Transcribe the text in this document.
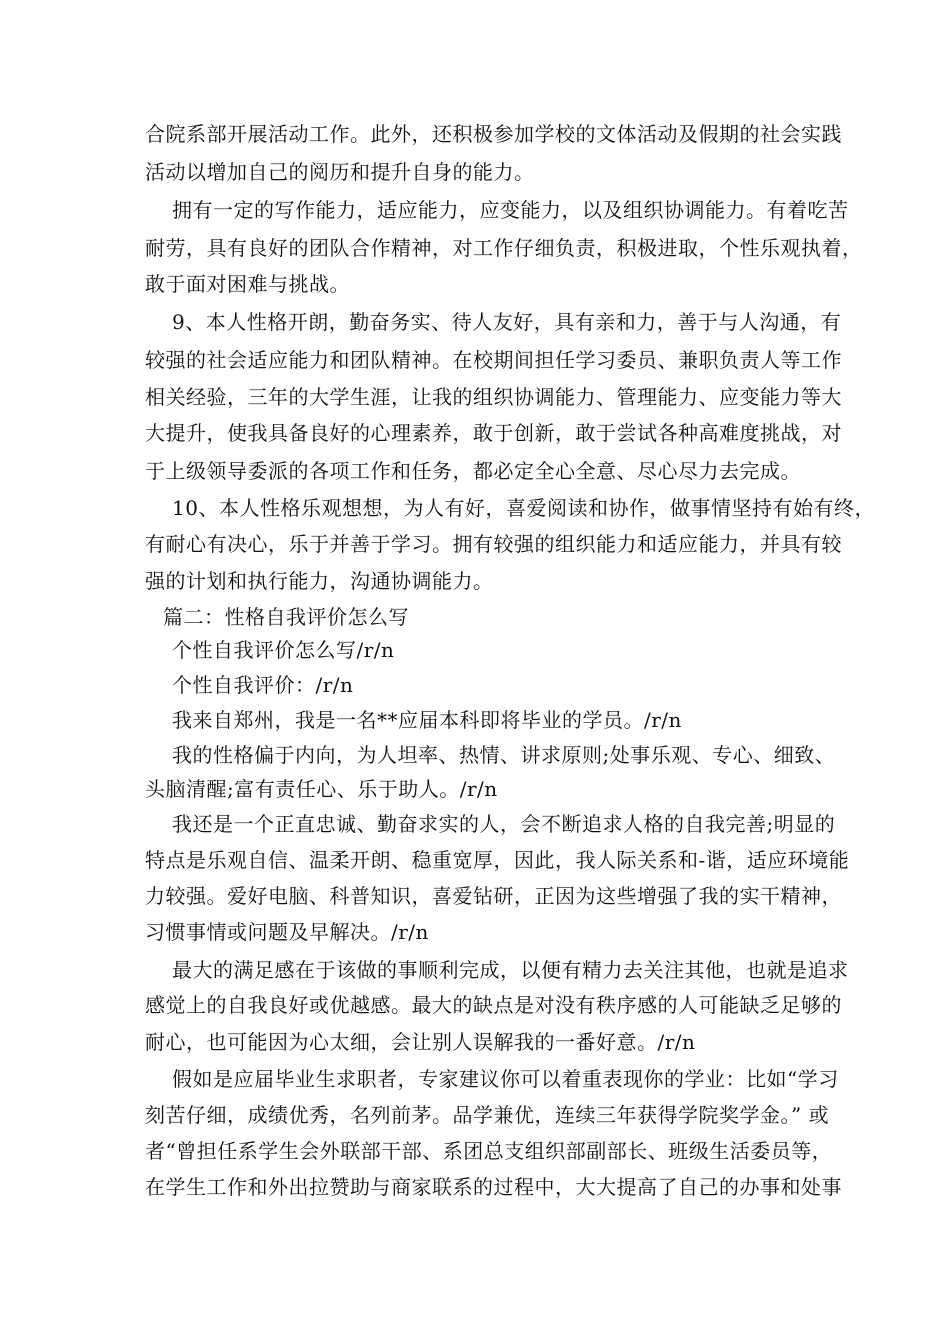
合院系部开展活动工作。此外，还积极参加学校的文体活动及假期的社会实践
活动以增加自己的阅历和提升自身的能力。
拥有一定的写作能力，适应能力，应变能力，以及组织协调能力。有着吃苦
耐劳，具有良好的团队合作精神，对工作仔细负责，积极进取，个性乐观执着，
敢于面对困难与挑战。
9、本人性格开朗，勤奋务实、待人友好，具有亲和力，善于与人沟通，有
较强的社会适应能力和团队精神。在校期间担任学习委员、兼职负责人等工作
相关经验，三年的大学生涯，让我的组织协调能力、管理能力、应变能力等大
大提升，使我具备良好的心理素养，敢于创新，敢于尝试各种高难度挑战，对
于上级领导委派的各项工作和任务，都必定全心全意、尽心尽力去完成。
10、本人性格乐观想想，为人有好，喜爱阅读和协作，做事情坚持有始有终，
有耐心有决心，乐于并善于学习。拥有较强的组织能力和适应能力，并具有较
强的计划和执行能力，沟通协调能力。
篇二：性格自我评价怎么写
个性自我评价怎么写/r/n
个性自我评价：/r/n
我来自郑州，我是一名**应届本科即将毕业的学员。/r/n
我的性格偏于内向，为人坦率、热情、讲求原则;处事乐观、专心、细致、
头脑清醒;富有责任心、乐于助人。/r/n
我还是一个正直忠诚、勤奋求实的人，会不断追求人格的自我完善;明显的
特点是乐观自信、温柔开朗、稳重宽厚，因此，我人际关系和-谐，适应环境能
力较强。爱好电脑、科普知识，喜爱钻研，正因为这些增强了我的实干精神，
习惯事情或问题及早解决。/r/n
最大的满足感在于该做的事顺利完成，以便有精力去关注其他，也就是追求
感觉上的自我良好或优越感。最大的缺点是对没有秩序感的人可能缺乏足够的
耐心，也可能因为心太细，会让别人误解我的一番好意。/r/n
假如是应届毕业生求职者，专家建议你可以着重表现你的学业：比如“学习
刻苦仔细，成绩优秀，名列前茅。品学兼优，连续三年获得学院奖学金。” 或
者“曾担任系学生会外联部干部、系团总支组织部副部长、班级生活委员等，
在学生工作和外出拉赞助与商家联系的过程中，大大提高了自己的办事和处事
